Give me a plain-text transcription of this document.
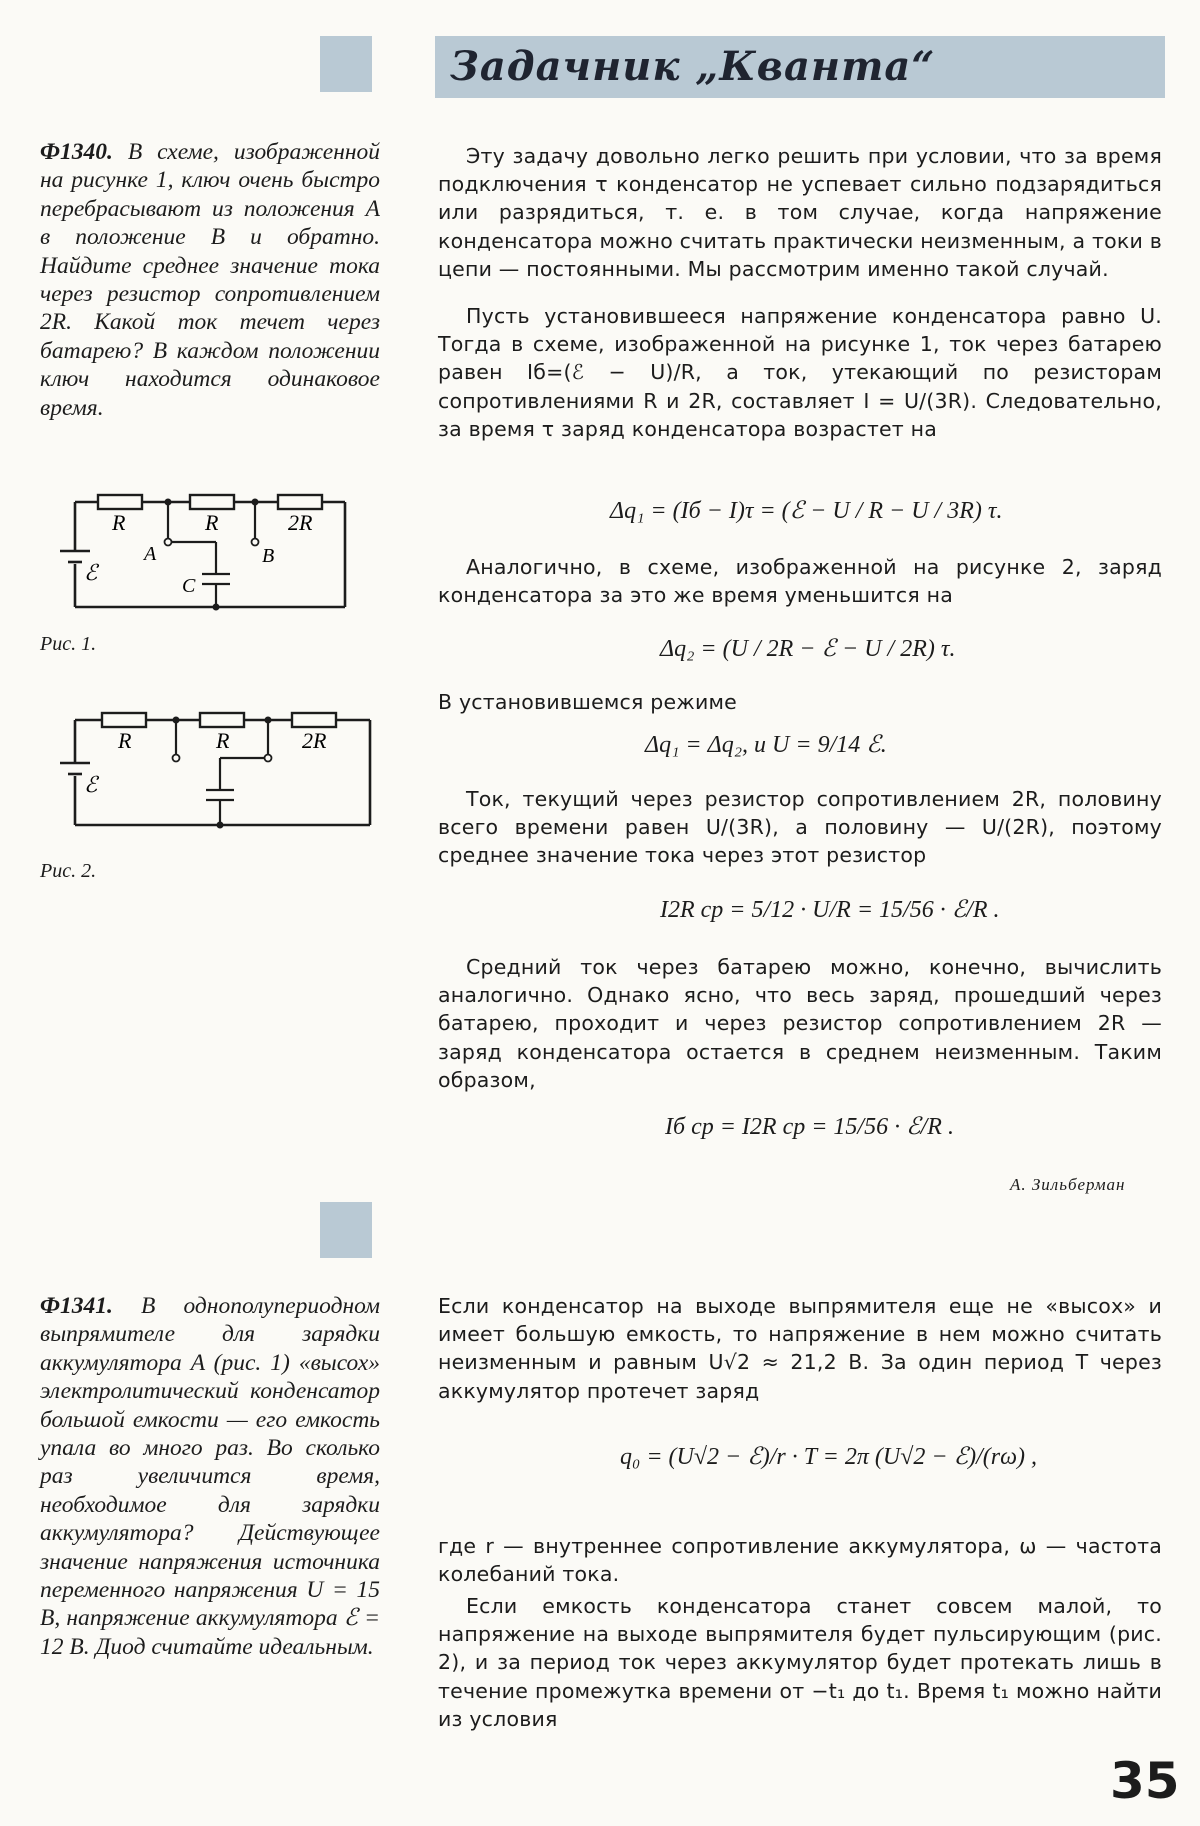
Задачник „Кванта“

Ф1340. В схеме, изображенной на рисунке 1, ключ очень быстро перебрасывают из положения A в положение B и обратно. Найдите среднее значение тока через резистор сопротивлением 2R. Какой ток течет через батарею? В каждом положении ключ находится одинаковое время.

R	R	2R
ℰ
A	B
C
Рис. 1.
R	R	2R
ℰ
Рис. 2.

Эту задачу довольно легко решить при условии, что за время подключения τ конденсатор не успевает сильно подзарядиться или разрядиться, т. е. в том случае, когда напряжение конденсатора можно считать практически неизменным, а токи в цепи — постоянными. Мы рассмотрим именно такой случай.

Пусть установившееся напряжение конденсатора равно U. Тогда в схеме, изображенной на рисунке 1, ток через батарею равен Iб=(ℰ − U)/R, а ток, утекающий по резисторам сопротивлениями R и 2R, составляет I = U/(3R). Следовательно, за время τ заряд конденсатора возрастет на

Δq₁ = (Iб − I)τ = (ℰ − U / R − U / 3R) τ.

Аналогично, в схеме, изображенной на рисунке 2, заряд конденсатора за это же время уменьшится на

Δq₂ = (U / 2R − ℰ − U / 2R) τ.

В установившемся режиме

Δq₁ = Δq₂, и U = 9/14 ℰ.

Ток, текущий через резистор сопротивлением 2R, половину всего времени равен U/(3R), а половину — U/(2R), поэтому среднее значение тока через этот резистор

I2R ср = 5/12 · U/R = 15/56 · ℰ/R .

Средний ток через батарею можно, конечно, вычислить аналогично. Однако ясно, что весь заряд, прошедший через батарею, проходит и через резистор сопротивлением 2R — заряд конденсатора остается в среднем неизменным. Таким образом,

Iб ср = I2R ср = 15/56 · ℰ/R .
А. Зильберман

Ф1341. В однополупериодном выпрямителе для зарядки аккумулятора A (рис. 1) «высох» электролитический конденсатор большой емкости — его емкость упала во много раз. Во сколько раз увеличится время, необходимое для зарядки аккумулятора? Действующее значение напряжения источника переменного напряжения U = 15 В, напряжение аккумулятора ℰ = 12 В. Диод считайте идеальным.

Если конденсатор на выходе выпрямителя еще не «высох» и имеет большую емкость, то напряжение в нем можно считать неизменным и равным U√2 ≈ 21,2 В. За один период T через аккумулятор протечет заряд

q₀ = (U√2 − ℰ)/r · T = 2π (U√2 − ℰ)/(rω) ,

где r — внутреннее сопротивление аккумулятора, ω — частота колебаний тока.

Если емкость конденсатора станет совсем малой, то напряжение на выходе выпрямителя будет пульсирующим (рис. 2), и за период ток через аккумулятор будет протекать лишь в течение промежутка времени от −t₁ до t₁. Время t₁ можно найти из условия

35
